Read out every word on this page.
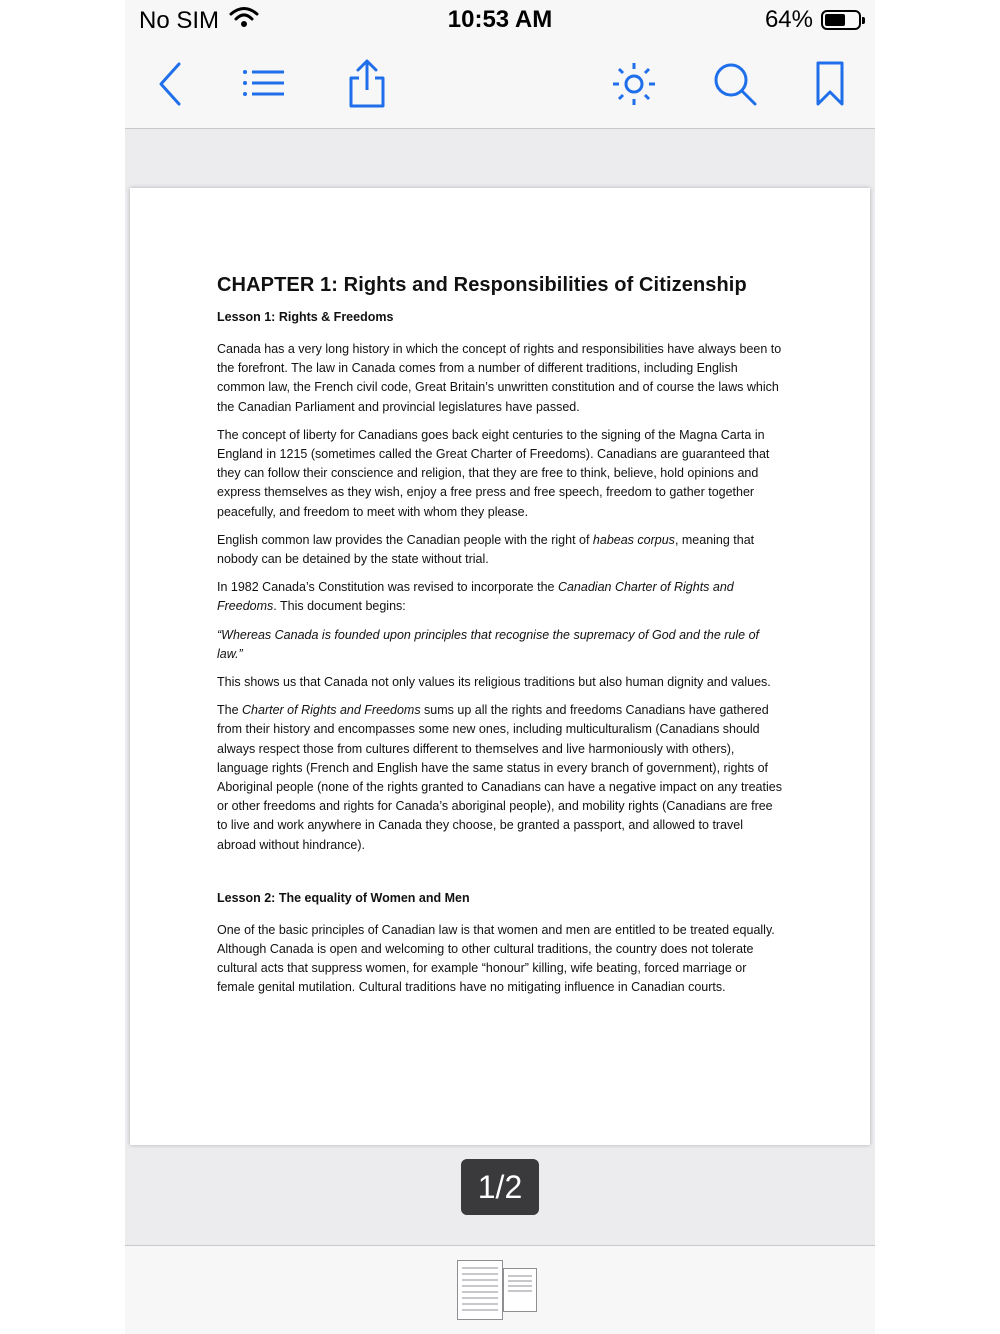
No SIM	10:53 AM	64%
CHAPTER 1: Rights and Responsibilities of Citizenship
Lesson 1: Rights & Freedoms

Canada has a very long history in which the concept of rights and responsibilities have always been to the forefront. The law in Canada comes from a number of different traditions, including English common law, the French civil code, Great Britain’s unwritten constitution and of course the laws which the Canadian Parliament and provincial legislatures have passed.

The concept of liberty for Canadians goes back eight centuries to the signing of the Magna Carta in England in 1215 (sometimes called the Great Charter of Freedoms). Canadians are guaranteed that they can follow their conscience and religion, that they are free to think, believe, hold opinions and express themselves as they wish, enjoy a free press and free speech, freedom to gather together peacefully, and freedom to meet with whom they please.

English common law provides the Canadian people with the right of habeas corpus, meaning that nobody can be detained by the state without trial.

In 1982 Canada’s Constitution was revised to incorporate the Canadian Charter of Rights and Freedoms. This document begins:

“Whereas Canada is founded upon principles that recognise the supremacy of God and the rule of law.”

This shows us that Canada not only values its religious traditions but also human dignity and values.

The Charter of Rights and Freedoms sums up all the rights and freedoms Canadians have gathered from their history and encompasses some new ones, including multiculturalism (Canadians should always respect those from cultures different to themselves and live harmoniously with others), language rights (French and English have the same status in every branch of government), rights of Aboriginal people (none of the rights granted to Canadians can have a negative impact on any treaties or other freedoms and rights for Canada’s aboriginal people), and mobility rights (Canadians are free to live and work anywhere in Canada they choose, be granted a passport, and allowed to travel abroad without hindrance).

Lesson 2: The equality of Women and Men

One of the basic principles of Canadian law is that women and men are entitled to be treated equally. Although Canada is open and welcoming to other cultural traditions, the country does not tolerate cultural acts that suppress women, for example “honour” killing, wife beating, forced marriage or female genital mutilation. Cultural traditions have no mitigating influence in Canadian courts.

1/2
